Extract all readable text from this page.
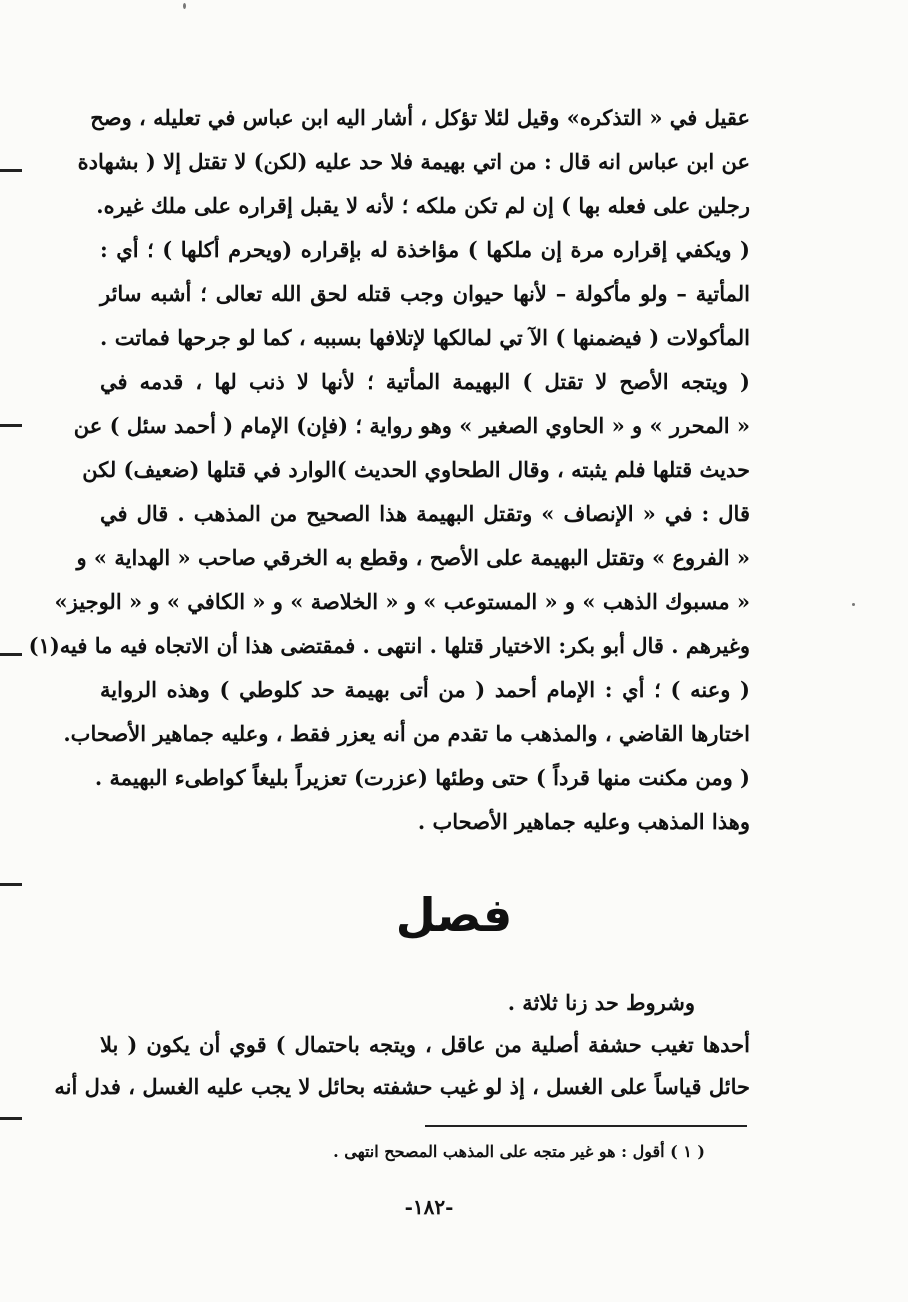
عقيل في « التذكره» وقيل لئلا تؤكل ، أشار اليه ابن عباس في تعليله ، وصح
عن ابن عباس انه قال : من اتي بهيمة فلا حد عليه (لكن) لا تقتل إلا ( بشهادة
رجلين على فعله بها ) إن لم تكن ملكه ؛ لأنه لا يقبل إقراره على ملك غيره.
( ويكفي إقراره مرة إن ملكها ) مؤاخذة له بإقراره (ويحرم أكلها ) ؛ أي :
المأتية – ولو مأكولة – لأنها حيوان وجب قتله لحق الله تعالى ؛ أشبه سائر
المأكولات ( فيضمنها ) الآ تي لمالكها لإتلافها بسببه ، كما لو جرحها فماتت .
( ويتجه الأصح لا تقتل ) البهيمة المأتية ؛ لأنها لا ذنب لها ، قدمه في
« المحرر » و « الحاوي الصغير » وهو رواية ؛ (فإن) الإمام ( أحمد سئل ) عن
حديث قتلها فلم يثبته ، وقال الطحاوي الحديث )الوارد في قتلها (ضعيف) لكن
قال : في « الإنصاف » وتقتل البهيمة هذا الصحيح من المذهب . قال في
« الفروع » وتقتل البهيمة على الأصح ، وقطع به الخرقي صاحب « الهداية » و
« مسبوك الذهب » و « المستوعب » و « الخلاصة » و « الكافي » و « الوجيز»
وغيرهم . قال أبو بكر: الاختيار قتلها . انتهى . فمقتضى هذا أن الاتجاه فيه ما فيه(١)
( وعنه ) ؛ أي : الإمام أحمد ( من أتى بهيمة حد كلوطي ) وهذه الرواية
اختارها القاضي ، والمذهب ما تقدم من أنه يعزر فقط ، وعليه جماهير الأصحاب.
( ومن مكنت منها قرداً ) حتى وطئها (عزرت) تعزيراً بليغاً كواطىء البهيمة .
وهذا المذهب وعليه جماهير الأصحاب .
فصل
وشروط حد زنا ثلاثة .
أحدها تغيب حشفة أصلية من عاقل ، ويتجه باحتمال ) قوي أن يكون ( بلا
حائل قياساً على الغسل ، إذ لو غيب حشفته بحائل لا يجب عليه الغسل ، فدل أنه
( ١ ) أقول : هو غير متجه على المذهب المصحح انتهى .
-١٨٢-
